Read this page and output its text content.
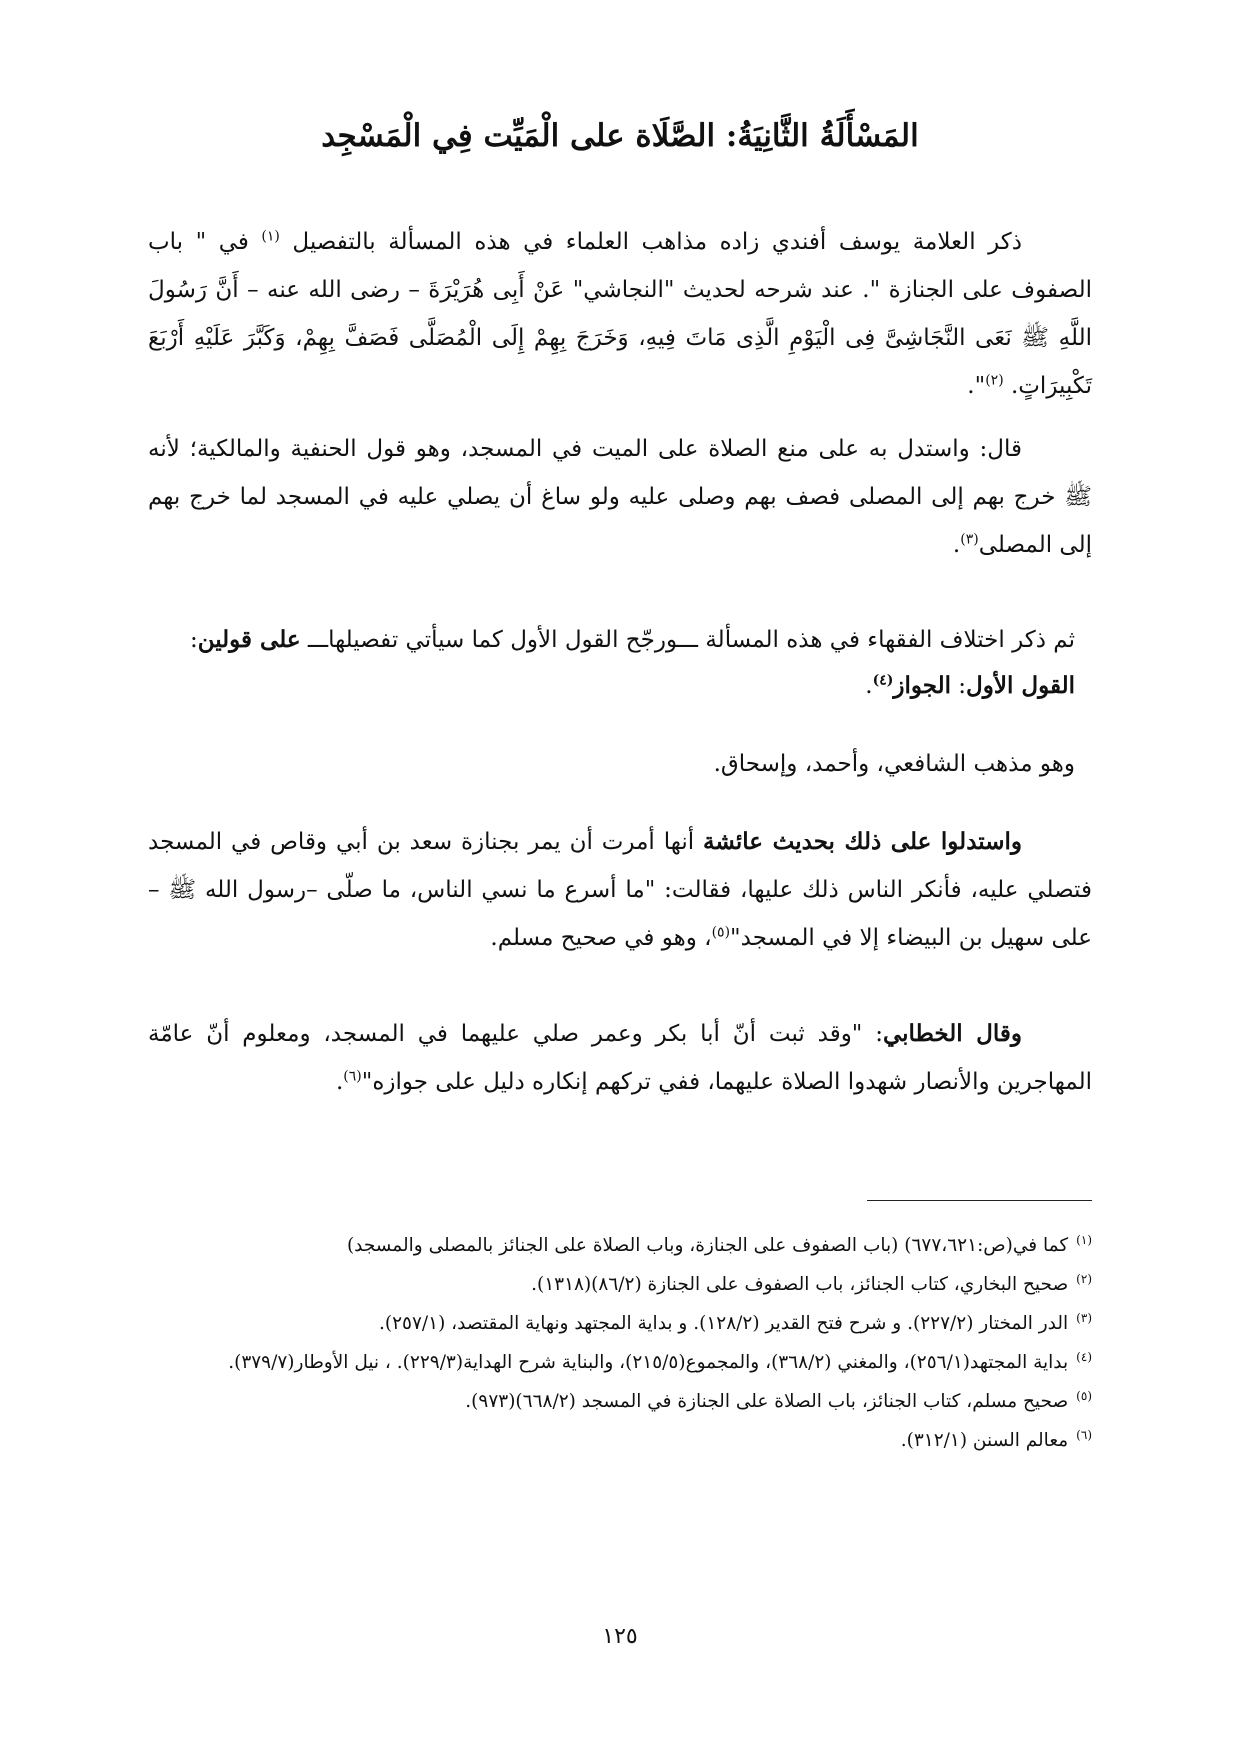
المَسْأَلَةُ الثَّانِيَةُ: الصَّلَاة على الْمَيِّت فِي الْمَسْجِد

ذكر العلامة يوسف أفندي زاده مذاهب العلماء في هذه المسألة بالتفصيل $^{(١)}$ في " باب الصفوف على الجنازة ". عند شرحه لحديث "النجاشي" عَنْ أَبِى هُرَيْرَةَ – رضى الله عنه – أَنَّ رَسُولَ اللَّهِ ﷺ نَعَى النَّجَاشِىَّ فِى الْيَوْمِ الَّذِى مَاتَ فِيهِ، وَخَرَجَ بِهِمْ إِلَى الْمُصَلَّى فَصَفَّ بِهِمْ، وَكَبَّرَ عَلَيْهِ أَرْبَعَ تَكْبِيرَاتٍ. $^{(٢)}$".

قال: واستدل به على منع الصلاة على الميت في المسجد، وهو قول الحنفية والمالكية؛ لأنه ﷺ خرج بهم إلى المصلى فصف بهم وصلى عليه ولو ساغ أن يصلي عليه في المسجد لما خرج بهم إلى المصلى$^{(٣)}$.

ثم ذكر اختلاف الفقهاء في هذه المسألة ـــورجّح القول الأول كما سيأتي تفصيلهاـــ على قولين:

القول الأول: الجواز$^{(٤)}$.

وهو مذهب الشافعي، وأحمد، وإسحاق.

واستدلوا على ذلك بحديث عائشة أنها أمرت أن يمر بجنازة سعد بن أبي وقاص في المسجد فتصلي عليه، فأنكر الناس ذلك عليها، فقالت: "ما أسرع ما نسي الناس، ما صلّى –رسول الله ﷺ – على سهيل بن البيضاء إلا في المسجد"$^{(٥)}$، وهو في صحيح مسلم.

وقال الخطابي: "وقد ثبت أنّ أبا بكر وعمر صلي عليهما في المسجد، ومعلوم أنّ عامّة المهاجرين والأنصار شهدوا الصلاة عليهما، ففي تركهم إنكاره دليل على جوازه"$^{(٦)}$.

$^{(١)}$كما في(ص:٦٧٧،٦٢١) (باب الصفوف على الجنازة، وباب الصلاة على الجنائز بالمصلى والمسجد)
$^{(٢)}$صحيح البخاري، كتاب الجنائز، باب الصفوف على الجنازة (٨٦/٢)(١٣١٨).
$^{(٣)}$الدر المختار (٢٢٧/٢). و شرح فتح القدير (١٢٨/٢). و بداية المجتهد ونهاية المقتصد، (٢٥٧/١).
$^{(٤)}$بداية المجتهد(٢٥٦/١)، والمغني (٣٦٨/٢)، والمجموع(٢١٥/٥)، والبناية شرح الهداية(٢٢٩/٣). ، نيل الأوطار(٣٧٩/٧).
$^{(٥)}$صحيح مسلم، كتاب الجنائز، باب الصلاة على الجنازة في المسجد (٦٦٨/٢)(٩٧٣).
$^{(٦)}$معالم السنن (٣١٢/١).

١٢٥
